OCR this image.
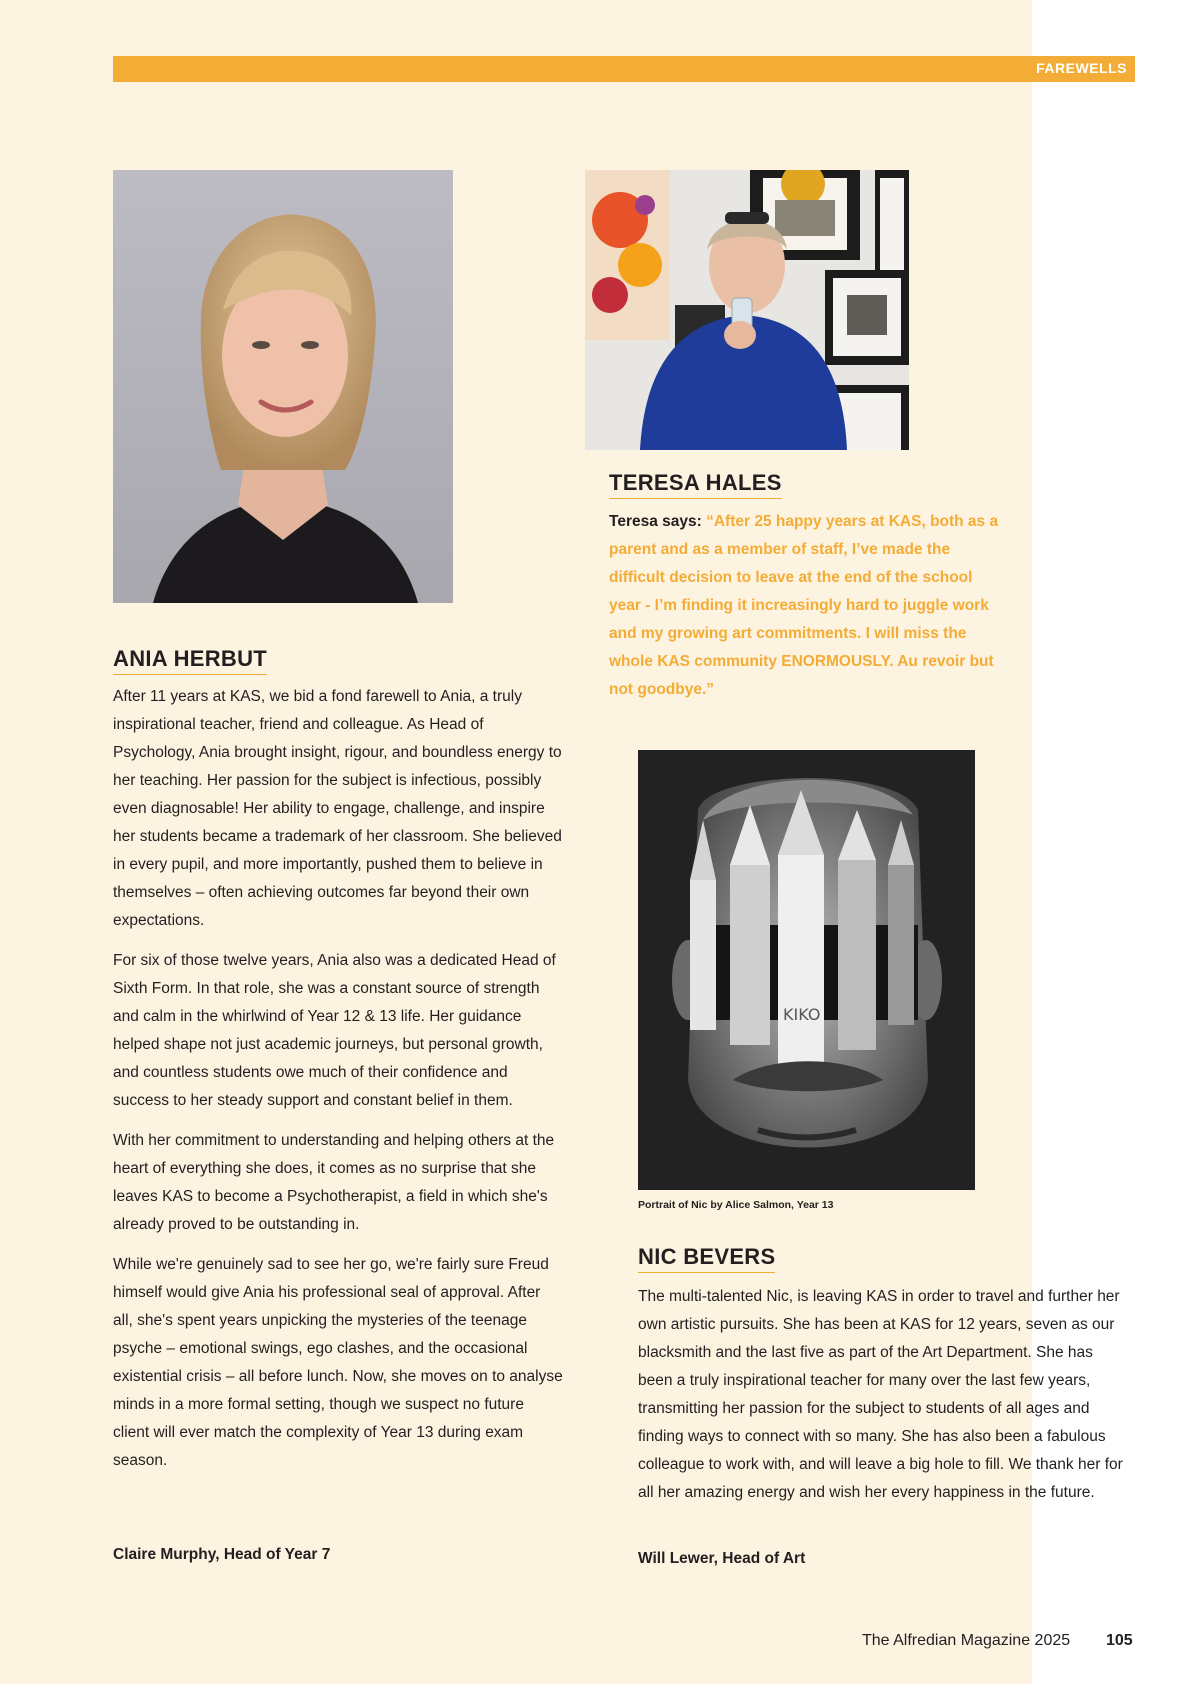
FAREWELLS
ANIA HERBUT

After 11 years at KAS, we bid a fond farewell to Ania, a truly inspirational teacher, friend and colleague. As Head of Psychology, Ania brought insight, rigour, and boundless energy to her teaching. Her passion for the subject is infectious, possibly even diagnosable! Her ability to engage, challenge, and inspire her students became a trademark of her classroom. She believed in every pupil, and more importantly, pushed them to believe in themselves – often achieving outcomes far beyond their own expectations.

For six of those twelve years, Ania also was a dedicated Head of Sixth Form. In that role, she was a constant source of strength and calm in the whirlwind of Year 12 & 13 life. Her guidance helped shape not just academic journeys, but personal growth, and countless students owe much of their confidence and success to her steady support and constant belief in them.

With her commitment to understanding and helping others at the heart of everything she does, it comes as no surprise that she leaves KAS to become a Psychotherapist, a field in which she's already proved to be outstanding in.

While we're genuinely sad to see her go, we're fairly sure Freud himself would give Ania his professional seal of approval. After all, she's spent years unpicking the mysteries of the teenage psyche – emotional swings, ego clashes, and the occasional existential crisis – all before lunch. Now, she moves on to analyse minds in a more formal setting, though we suspect no future client will ever match the complexity of Year 13 during exam season.

Claire Murphy, Head of Year 7
TERESA HALES
Teresa says: “After 25 happy years at KAS, both as a parent and as a member of staff, I’ve made the difficult decision to leave at the end of the school year - I’m finding it increasingly hard to juggle work and my growing art commitments. I will miss the whole KAS community ENORMOUSLY. Au revoir but not goodbye.”
KIKO
Portrait of Nic by Alice Salmon, Year 13
NIC BEVERS

The multi-talented Nic, is leaving KAS in order to travel and further her own artistic pursuits. She has been at KAS for 12 years, seven as our blacksmith and the last five as part of the Art Department. She has been a truly inspirational teacher for many over the last few years, transmitting her passion for the subject to students of all ages and finding ways to connect with so many. She has also been a fabulous colleague to work with, and will leave a big hole to fill. We thank her for all her amazing energy and wish her every happiness in the future.

Will Lewer, Head of Art
The Alfredian Magazine 2025 105
